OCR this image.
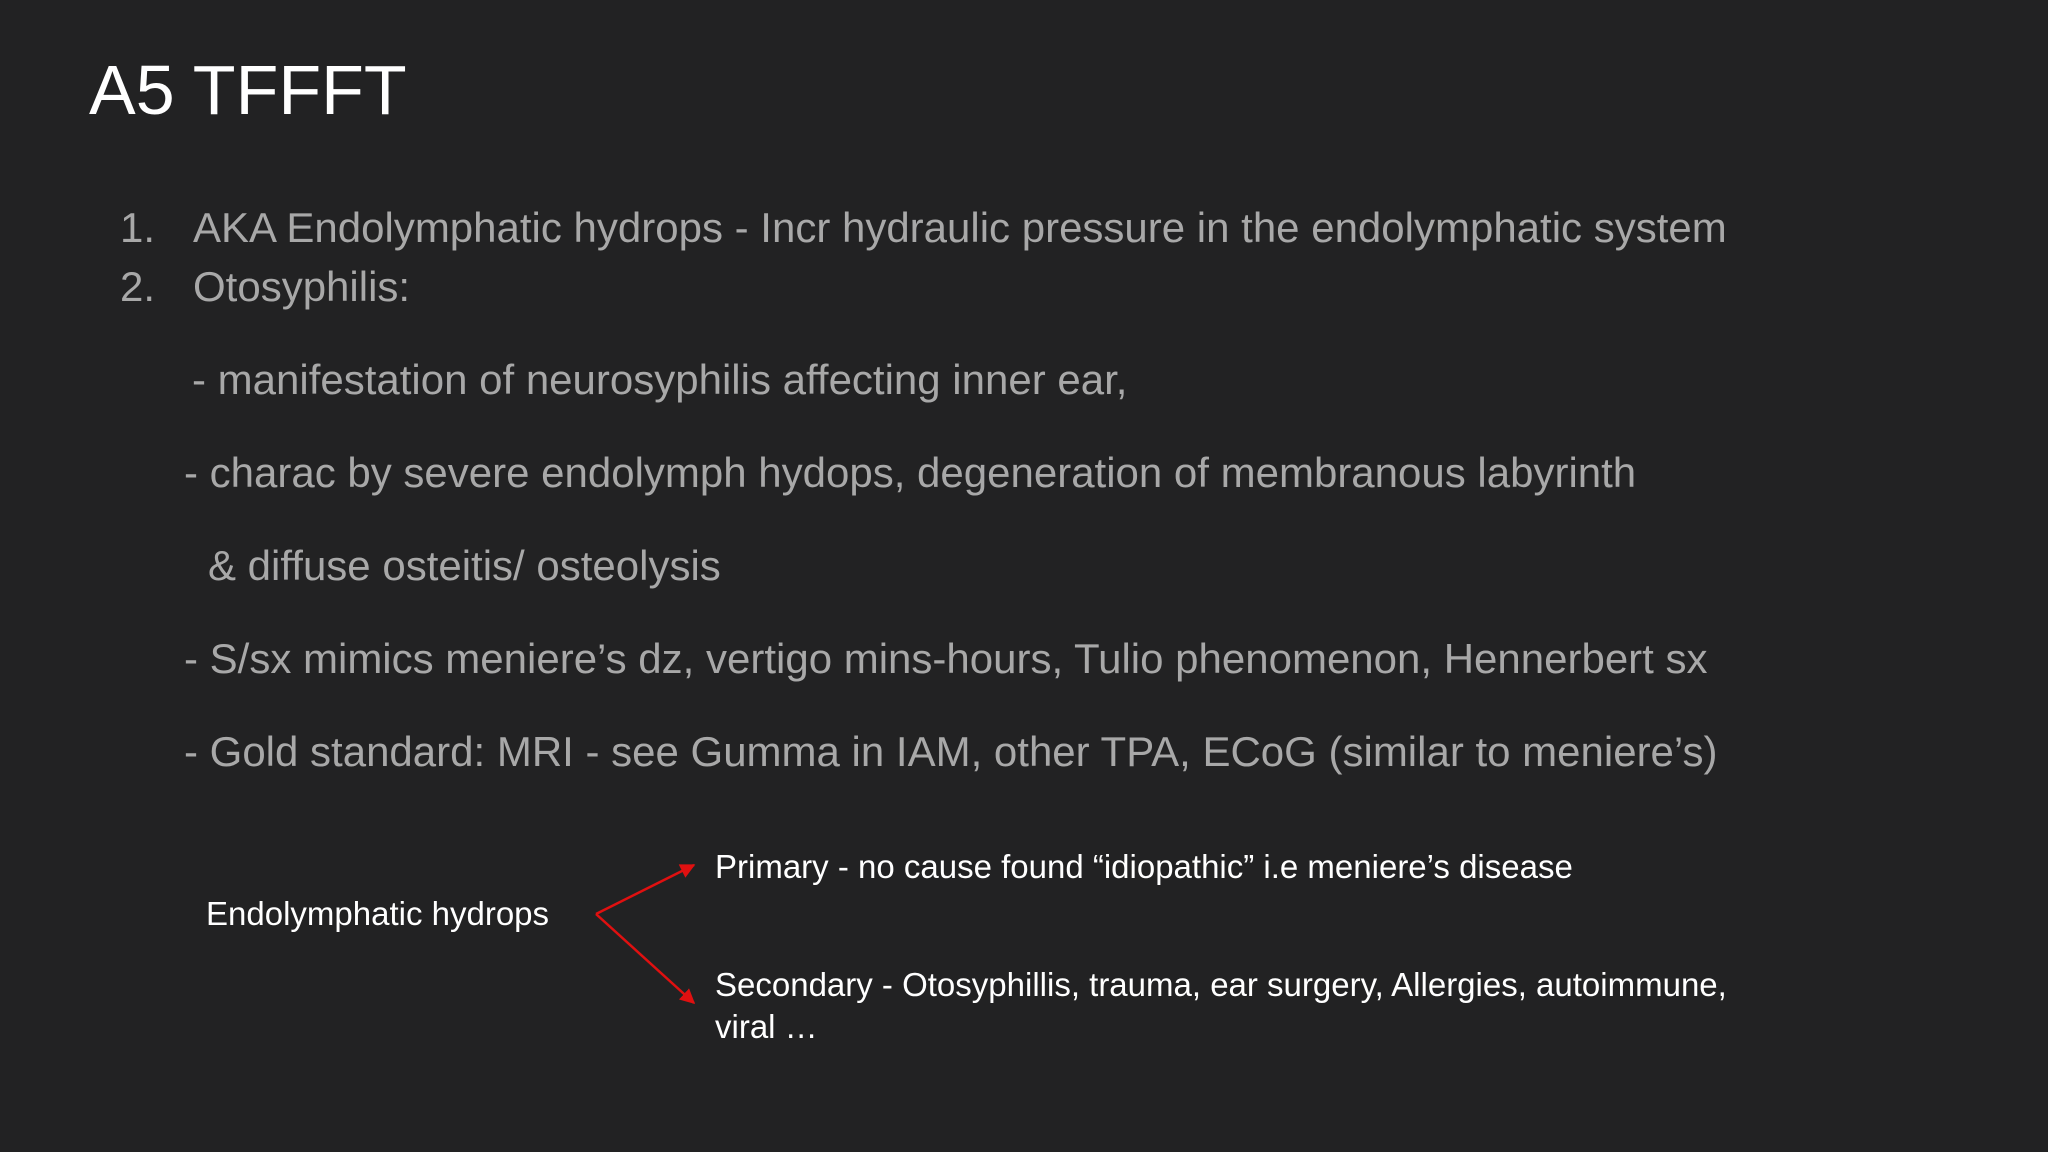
A5 TFFFT
1. AKA Endolymphatic hydrops - Incr hydraulic pressure in the endolymphatic system
2. Otosyphilis:
- manifestation of neurosyphilis affecting inner ear,
- charac by severe endolymph hydops, degeneration of membranous labyrinth
& diffuse osteitis/ osteolysis
- S/sx mimics meniere’s dz, vertigo mins-hours, Tulio phenomenon, Hennerbert sx
- Gold standard: MRI - see Gumma in IAM, other TPA, ECoG (similar to meniere’s)
Endolymphatic hydrops
Primary - no cause found “idiopathic” i.e meniere’s disease
Secondary - Otosyphillis, trauma, ear surgery, Allergies, autoimmune,
viral …
